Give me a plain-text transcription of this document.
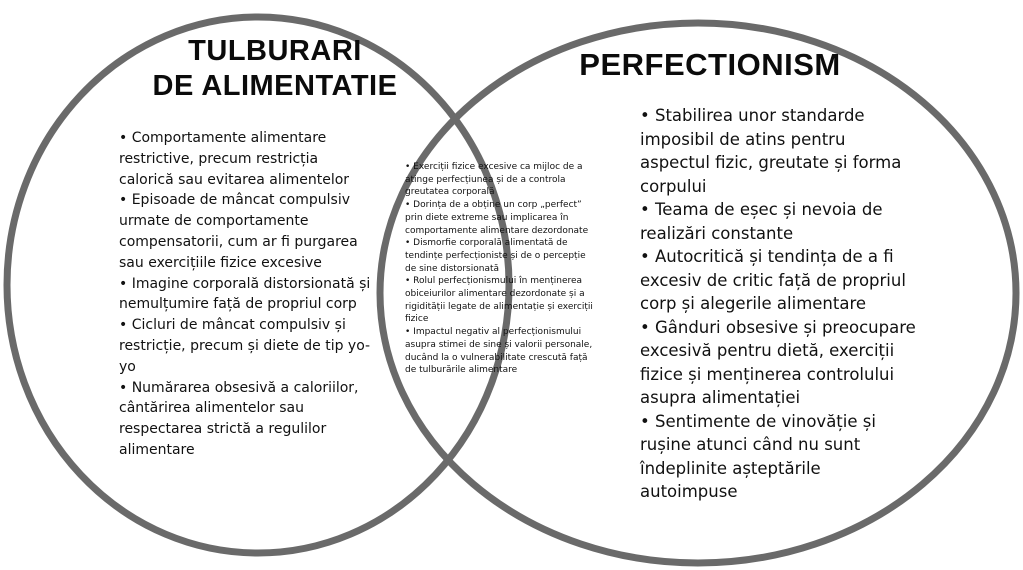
TULBURARI
DE ALIMENTATIE
PERFECTIONISM
• Comportamente alimentare restrictive, precum restricția calorică sau evitarea alimentelor
• Episoade de mâncat compulsiv urmate de comportamente compensatorii, cum ar fi purgarea sau exercițiile fizice excesive
• Imagine corporală distorsionată și nemulțumire față de propriul corp
• Cicluri de mâncat compulsiv și restricție, precum și diete de tip yo-yo
• Numărarea obsesivă a caloriilor, cântărirea alimentelor sau respectarea strictă a regulilor alimentare
• Exerciții fizice excesive ca mijloc de a atinge perfecțiunea și de a controla greutatea corporală
• Dorința de a obține un corp „perfect” prin diete extreme sau implicarea în comportamente alimentare dezordonate
• Dismorfie corporală alimentată de tendințe perfecționiste și de o percepție de sine distorsionată
• Rolul perfecționismului în menținerea obiceiurilor alimentare dezordonate și a rigidității legate de alimentație și exerciții fizice
• Impactul negativ al perfecționismului asupra stimei de sine și valorii personale, ducând la o vulnerabilitate crescută față de tulburările alimentare
• Stabilirea unor standarde imposibil de atins pentru aspectul fizic, greutate și forma corpului
• Teama de eșec și nevoia de realizări constante
• Autocritică și tendința de a fi excesiv de critic față de propriul corp și alegerile alimentare
• Gânduri obsesive și preocupare excesivă pentru dietă, exerciții fizice și menținerea controlului asupra alimentației
• Sentimente de vinovăție și rușine atunci când nu sunt îndeplinite așteptările autoimpuse
